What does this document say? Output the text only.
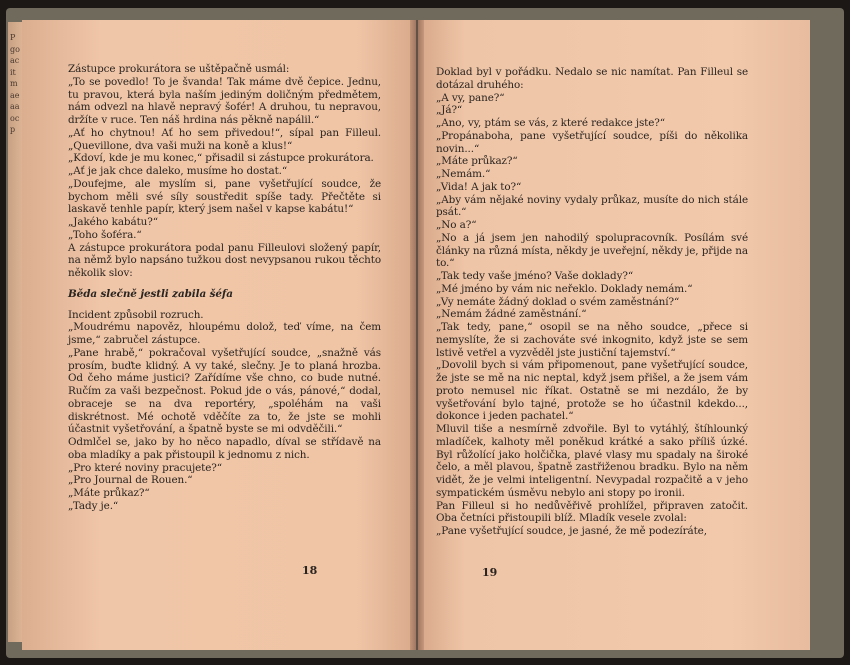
Pgoacitmaeaaocp

Zástupce prokurátora se uštěpačně usmál:

„To se povedlo! To je švanda! Tak máme dvě čepice. Jednu, tu pravou, která byla naším jediným doličným předmětem, nám odvezl na hlavě nepravý šofér! A druhou, tu nepravou, držíte v ruce. Ten náš hrdina nás pěkně napálil.“

„Ať ho chytnou! Ať ho sem přivedou!“, sípal pan Filleul. „Quevillone, dva vaši muži na koně a klus!“

„Kdoví, kde je mu konec,“ přisadil si zástupce prokurátora.

„Ať je jak chce daleko, musíme ho dostat.“

„Doufejme, ale myslím si, pane vyšetřující soudce, že bychom měli své síly soustředit spíše tady. Přečtěte si laskavě tenhle papír, který jsem našel v kapse kabátu!“

„Jakého kabátu?“

„Toho šoféra.“

A zástupce prokurátora podal panu Filleulovi složený papír, na němž bylo napsáno tužkou dost nevypsanou rukou těchto několik slov:

Běda slečně jestli zabila šéfa

Incident způsobil rozruch.

„Moudrému napověz, hloupému dolož, teď víme, na čem jsme,“ zabručel zástupce.

„Pane hrabě,“ pokračoval vyšetřující soudce, „snažně vás prosím, buďte klidný. A vy také, slečny. Je to planá hrozba. Od čeho máme justici? Zařídíme vše chno, co bude nutné. Ručím za vaši bezpečnost. Pokud jde o vás, pánové,“ dodal, obraceje se na dva reportéry, „spoléhám na vaši diskrétnost. Mé ochotě vděčíte za to, že jste se mohli účastnit vyšetřování, a špatně byste se mi odvděčili.“

Odmlčel se, jako by ho něco napadlo, díval se střídavě na oba mladíky a pak přistoupil k jednomu z nich.

„Pro které noviny pracujete?“

„Pro Journal de Rouen.“

„Máte průkaz?“

„Tady je.“

18

Doklad byl v pořádku. Nedalo se nic namítat. Pan Filleul se dotázal druhého:

„A vy, pane?“

„Já?“

„Ano, vy, ptám se vás, z které redakce jste?“

„Propánaboha, pane vyšetřující soudce, píši do několika novin...“

„Máte průkaz?“

„Nemám.“

„Vida! A jak to?“

„Aby vám nějaké noviny vydaly průkaz, musíte do nich stále psát.“

„No a?“

„No a já jsem jen nahodilý spolupracovník. Posílám své články na různá místa, někdy je uveřejní, někdy je, přijde na to.“

„Tak tedy vaše jméno? Vaše doklady?“

„Mé jméno by vám nic neřeklo. Doklady nemám.“

„Vy nemáte žádný doklad o svém zaměstnání?“

„Nemám žádné zaměstnání.“

„Tak tedy, pane,“ osopil se na něho soudce, „přece si nemyslíte, že si zachováte své inkognito, když jste se sem lstivě vetřel a vyzvěděl jste justiční tajemství.“

„Dovolil bych si vám připomenout, pane vyšetřující soudce, že jste se mě na nic neptal, když jsem přišel, a že jsem vám proto nemusel nic říkat. Ostatně se mi nezdálo, že by vyšetřování bylo tajné, protože se ho účastnil kdekdo..., dokonce i jeden pachatel.“

Mluvil tiše a nesmírně zdvořile. Byl to vytáhlý, štíhlounký mladíček, kalhoty měl poněkud krátké a sako příliš úzké. Byl růžolící jako holčička, plavé vlasy mu spadaly na široké čelo, a měl plavou, špatně zastřiženou bradku. Bylo na něm vidět, že je velmi inteligentní. Nevypadal rozpačitě a v jeho sympatickém úsměvu nebylo ani stopy po ironii.

Pan Filleul si ho nedůvěřivě prohlížel, připraven zatočit. Oba četníci přistoupili blíž. Mladík vesele zvolal:

„Pane vyšetřující soudce, je jasné, že mě podezíráte,

19
